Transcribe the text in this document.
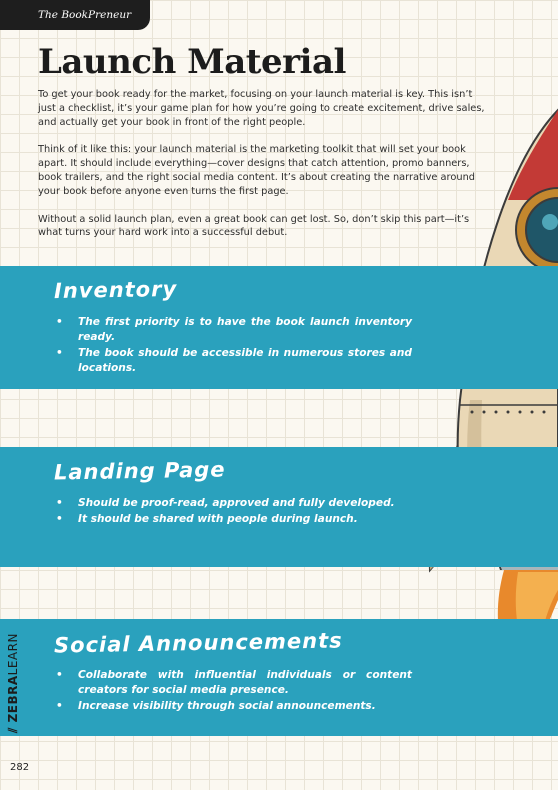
The BookPreneur
Launch Material

To get your book ready for the market, focusing on your launch material is key. This isn’t just a checklist, it’s your game plan for how you’re going to create excitement, drive sales, and actually get your book in front of the right people.

Think of it like this: your launch material is the marketing toolkit that will set your book apart. It should include everything—cover designs that catch attention, promo banners, book trailers, and the right social media content. It’s about creating the narrative around your book before anyone even turns the first page.

Without a solid launch plan, even a great book can get lost. So, don’t skip this part—it’s what turns your hard work into a successful debut.

Inventory
• The first priority is to have the book launch inventory ready.
• The book should be accessible in numerous stores and locations.
Landing Page
• Should be proof-read, approved and fully developed.
• It should be shared with people during launch.
Social Announcements
• Collaborate with influential individuals or content creators for social media presence.
• Increase visibility through social announcements.
⫽ ZEBRALEARN
282
